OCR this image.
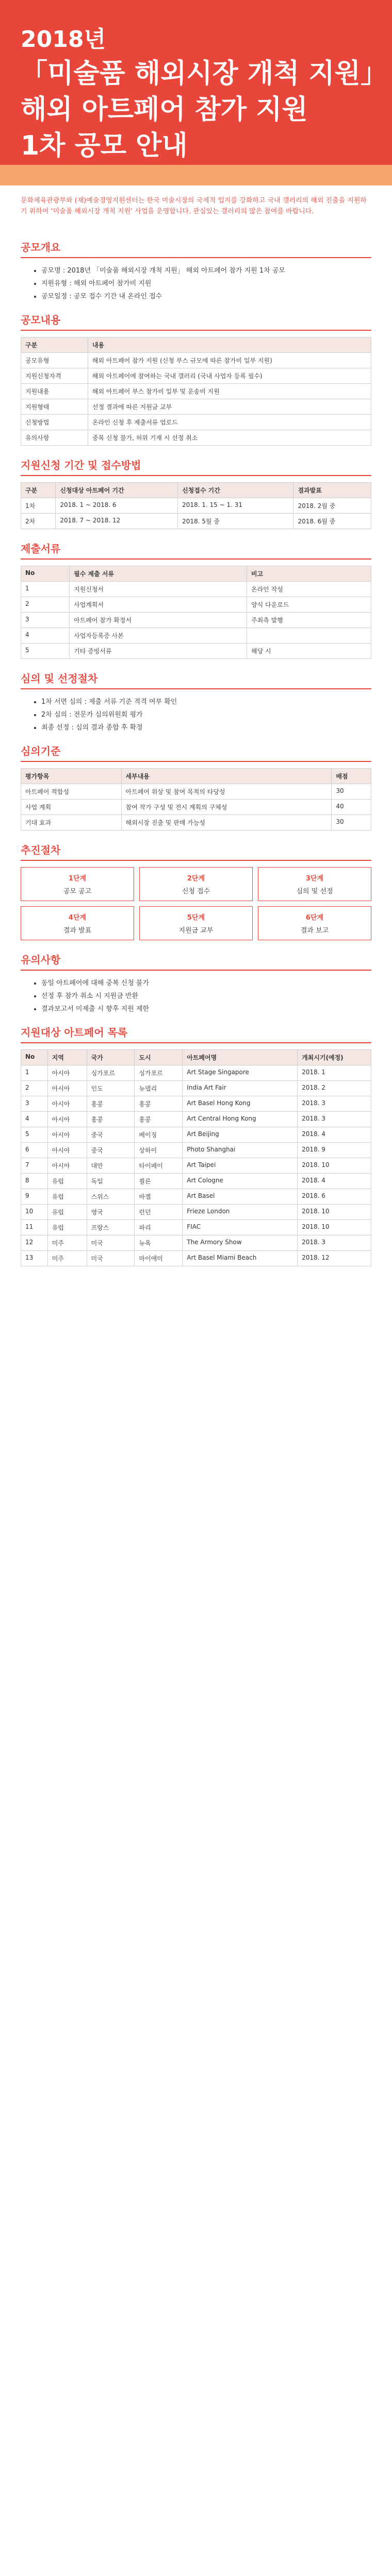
2018년
「미술품 해외시장 개척 지원」
해외 아트페어 참가 지원
1차 공모 안내
문화체육관광부와 (재)예술경영지원센터는 한국 미술시장의 국제적 입지를 강화하고 국내 갤러리의 해외 진출을 지원하기 위하여 ‘미술품 해외시장 개척 지원’ 사업을 운영합니다. 관심있는 갤러리의 많은 참여를 바랍니다.
공모개요
• 공모명 : 2018년 「미술품 해외시장 개척 지원」 해외 아트페어 참가 지원 1차 공모
• 지원유형 : 해외 아트페어 참가비 지원
• 공모일정 : 공모 접수 기간 내 온라인 접수
공모내용
구분	내용
공모유형	해외 아트페어 참가 지원 (신청 부스 규모에 따른 참가비 일부 지원)
지원신청자격	해외 아트페어에 참여하는 국내 갤러리 (국내 사업자 등록 필수)
지원내용	해외 아트페어 부스 참가비 일부 및 운송비 지원
지원형태	선정 결과에 따른 지원금 교부
신청방법	온라인 신청 후 제출서류 업로드
유의사항	중복 신청 불가, 허위 기재 시 선정 취소
지원신청 기간 및 접수방법
구분	신청대상 아트페어 기간	신청접수 기간	결과발표
1차	2018. 1 ~ 2018. 6	2018. 1. 15 ~ 1. 31	2018. 2월 중
2차	2018. 7 ~ 2018. 12	2018. 5월 중	2018. 6월 중
제출서류
No	필수 제출 서류	비고
1	지원신청서	온라인 작성
2	사업계획서	양식 다운로드
3	아트페어 참가 확정서	주최측 발행
4	사업자등록증 사본	
5	기타 증빙서류	해당 시
심의 및 선정절차
• 1차 서면 심의 : 제출 서류 기준 적격 여부 확인
• 2차 심의 : 전문가 심의위원회 평가
• 최종 선정 : 심의 결과 종합 후 확정
심의기준
평가항목	세부내용	배점
아트페어 적합성	아트페어 위상 및 참여 목적의 타당성	30
사업 계획	참여 작가 구성 및 전시 계획의 구체성	40
기대 효과	해외시장 진출 및 판매 가능성	30
추진절차
1단계
공모 공고
2단계
신청 접수
3단계
심의 및 선정
4단계
결과 발표
5단계
지원금 교부
6단계
결과 보고
유의사항
• 동일 아트페어에 대해 중복 신청 불가
• 선정 후 참가 취소 시 지원금 반환
• 결과보고서 미제출 시 향후 지원 제한
지원대상 아트페어 목록
No	지역	국가	도시	아트페어명	개최시기(예정)
1	아시아	싱가포르	싱가포르	Art Stage Singapore	2018. 1
2	아시아	인도	뉴델리	India Art Fair	2018. 2
3	아시아	홍콩	홍콩	Art Basel Hong Kong	2018. 3
4	아시아	홍콩	홍콩	Art Central Hong Kong	2018. 3
5	아시아	중국	베이징	Art Beijing	2018. 4
6	아시아	중국	상하이	Photo Shanghai	2018. 9
7	아시아	대만	타이페이	Art Taipei	2018. 10
8	유럽	독일	쾰른	Art Cologne	2018. 4
9	유럽	스위스	바젤	Art Basel	2018. 6
10	유럽	영국	런던	Frieze London	2018. 10
11	유럽	프랑스	파리	FIAC	2018. 10
12	미주	미국	뉴욕	The Armory Show	2018. 3
13	미주	미국	마이애미	Art Basel Miami Beach	2018. 12
